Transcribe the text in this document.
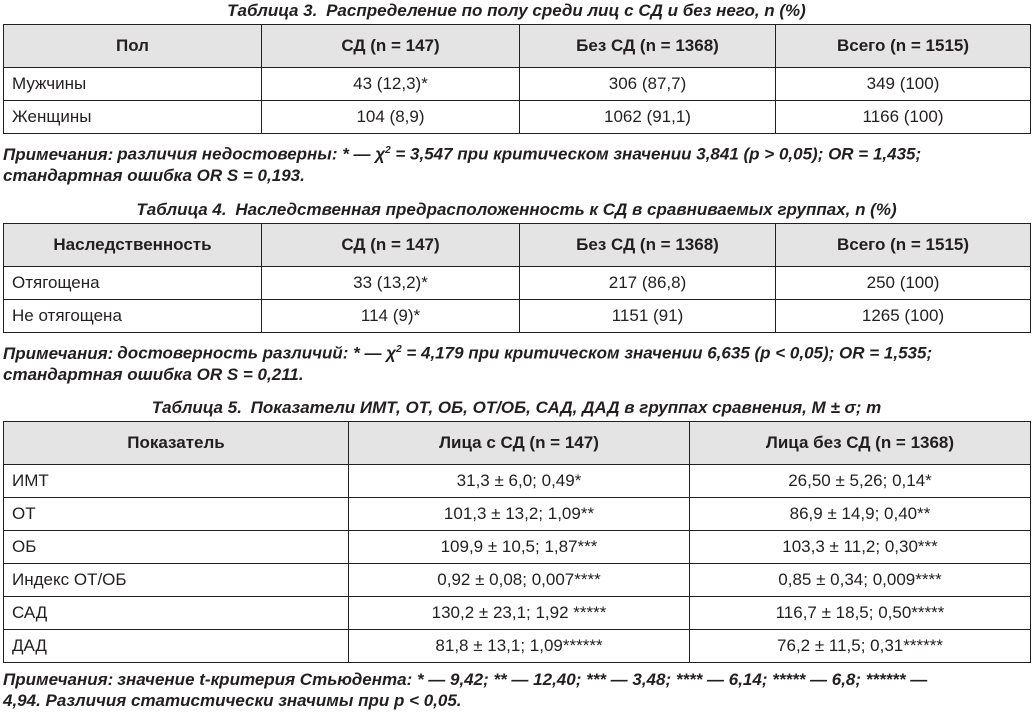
Таблица 3. Распределение по полу среди лиц с СД и без него, n (%)
Пол	СД (n = 147)	Без СД (n = 1368)	Всего (n = 1515)
Мужчины	43 (12,3)*	306 (87,7)	349 (100)
Женщины	104 (8,9)	1062 (91,1)	1166 (100)
Примечания: различия недостоверны: * — $\chi^2 = 3,547$ при критическом значении 3,841 (p > 0,05); OR = 1,435;
стандартная ошибка OR S = 0,193.
Таблица 4. Наследственная предрасположенность к СД в сравниваемых группах, n (%)
Наследственность	СД (n = 147)	Без СД (n = 1368)	Всего (n = 1515)
Отягощена	33 (13,2)*	217 (86,8)	250 (100)
Не отягощена	114 (9)*	1151 (91)	1265 (100)
Примечания: достоверность различий: * — $\chi^2 = 4,179$ при критическом значении 6,635 (p < 0,05); OR = 1,535;
стандартная ошибка OR S = 0,211.
Таблица 5. Показатели ИМТ, ОТ, ОБ, ОТ/ОБ, САД, ДАД в группах сравнения, M ± σ; m
Показатель	Лица с СД (n = 147)	Лица без СД (n = 1368)
ИМТ	31,3 ± 6,0; 0,49*	26,50 ± 5,26; 0,14*
ОТ	101,3 ± 13,2; 1,09**	86,9 ± 14,9; 0,40**
ОБ	109,9 ± 10,5; 1,87***	103,3 ± 11,2; 0,30***
Индекс ОТ/ОБ	0,92 ± 0,08; 0,007****	0,85 ± 0,34; 0,009****
САД	130,2 ± 23,1; 1,92 *****	116,7 ± 18,5; 0,50*****
ДАД	81,8 ± 13,1; 1,09******	76,2 ± 11,5; 0,31******
Примечания: значение t-критерия Стьюдента: * — 9,42; ** — 12,40; *** — 3,48; **** — 6,14; ***** — 6,8; ****** —
4,94. Различия статистически значимы при p < 0,05.
